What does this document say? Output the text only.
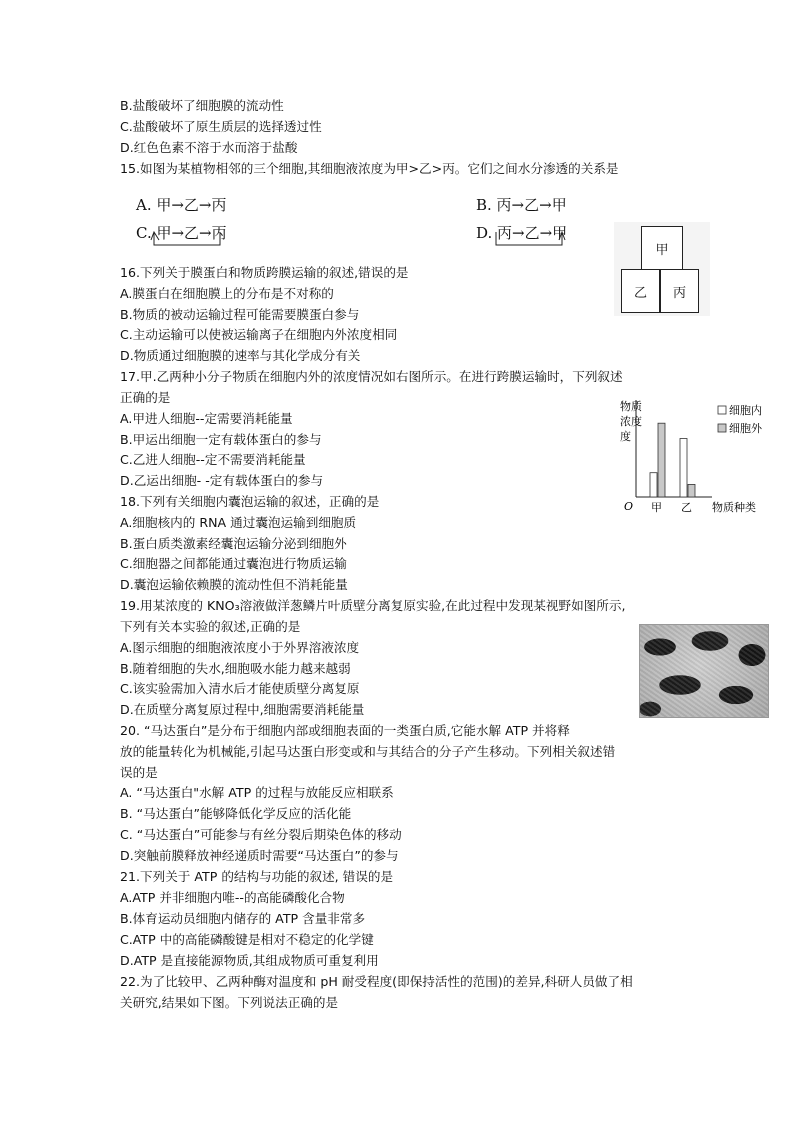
B.盐酸破坏了细胞膜的流动性
C.盐酸破坏了原生质层的选择透过性
D.红色色素不溶于水而溶于盐酸
15.如图为某植物相邻的三个细胞,其细胞液浓度为甲>乙>丙。它们之间水分渗透的关系是
A. 甲→乙→丙	B. 丙→乙→甲
C. 甲→乙→丙	D. 丙→乙→甲
甲
乙	丙
16.下列关于膜蛋白和物质跨膜运输的叙述,错误的是
A.膜蛋白在细胞膜上的分布是不对称的
B.物质的被动运输过程可能需要膜蛋白参与
C.主动运输可以使被运输离子在细胞内外浓度相同
D.物质通过细胞膜的速率与其化学成分有关
17.甲.乙两种小分子物质在细胞内外的浓度情况如右图所示。在进行跨膜运输时，下列叙述
正确的是
A.甲进人细胞--定需要消耗能量
B.甲运出细胞一定有载体蛋白的参与
C.乙进人细胞--定不需要消耗能量
D.乙运出细胞- -定有载体蛋白的参与
物质
浓度
度
O	物质种类
甲 乙
细胞内
细胞外
18.下列有关细胞内囊泡运输的叙述，正确的是
A.细胞核内的 RNA 通过囊泡运输到细胞质
B.蛋白质类激素经囊泡运输分泌到细胞外
C.细胞器之间都能通过囊泡进行物质运输
D.囊泡运输依赖膜的流动性但不消耗能量
19.用某浓度的 KNO₃溶液做洋葱鳞片叶质壁分离复原实验,在此过程中发现某视野如图所示,
下列有关本实验的叙述,正确的是
A.图示细胞的细胞液浓度小于外界溶液浓度
B.随着细胞的失水,细胞吸水能力越来越弱
C.该实验需加入清水后才能使质壁分离复原
D.在质壁分离复原过程中,细胞需要消耗能量
20. “马达蛋白”是分布于细胞内部或细胞表面的一类蛋白质,它能水解 ATP 并将释
放的能量转化为机械能,引起马达蛋白形变或和与其结合的分子产生移动。下列相关叙述错
误的是
A. “马达蛋白"水解 ATP 的过程与放能反应相联系
B. “马达蛋白”能够降低化学反应的活化能
C. “马达蛋白”可能参与有丝分裂后期染色体的移动
D.突触前膜释放神经递质时需要“马达蛋白”的参与
21.下列关于 ATP 的结构与功能的叙述, 错误的是
A.ATP 并非细胞内唯--的高能磷酸化合物
B.体育运动员细胞内储存的 ATP 含量非常多
C.ATP 中的高能磷酸键是相对不稳定的化学键
D.ATP 是直接能源物质,其组成物质可重复利用
22.为了比较甲、乙两种酶对温度和 pH 耐受程度(即保持活性的范围)的差异,科研人员做了相
关研究,结果如下图。下列说法正确的是
